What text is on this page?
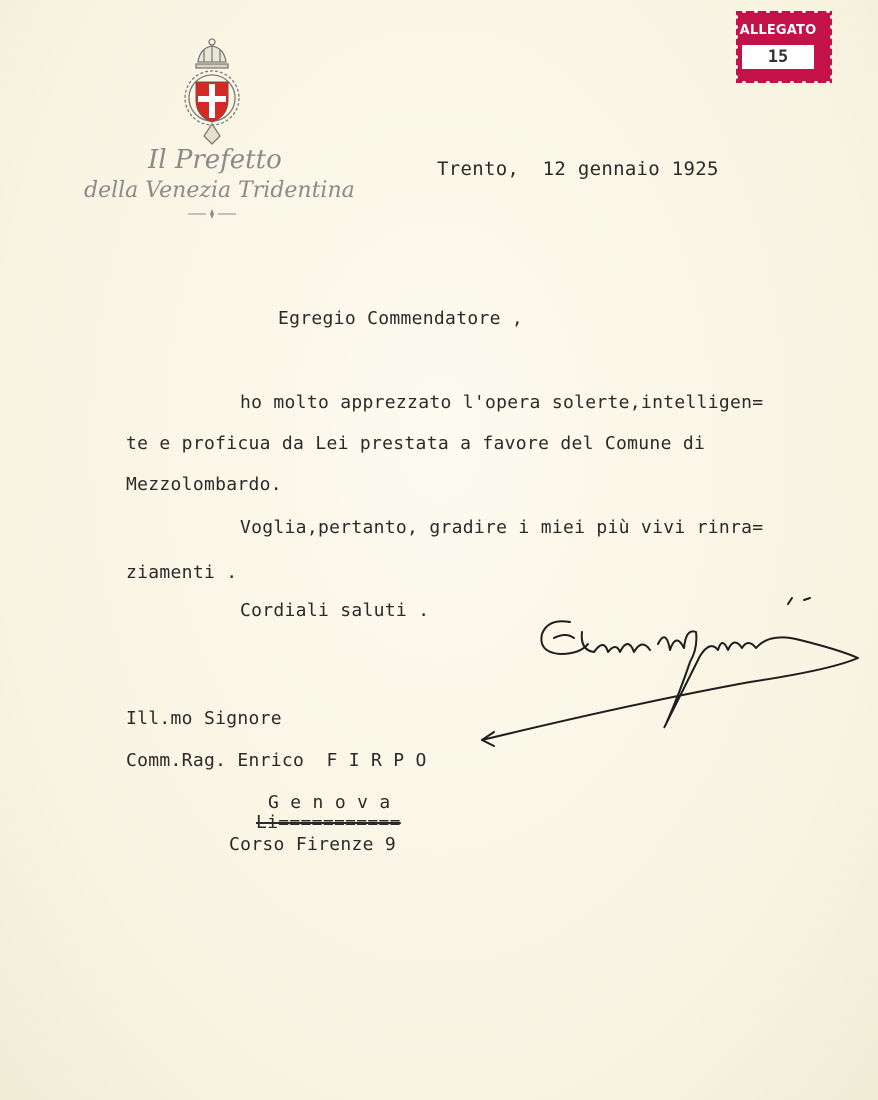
Il Prefetto
della Venezia Tridentina
ALLEGATO
15
Trento,  12 gennaio 1925
Egregio Commendatore ,
ho molto apprezzato l'opera solerte,intelligen=
te e proficua da Lei prestata a favore del Comune di
Mezzolombardo.
Voglia,pertanto, gradire i miei più vivi rinra=
ziamenti .
Cordiali saluti .
Ill.mo Signore
Comm.Rag. Enrico  F I R P O
G e n o v a
Li===========
Corso Firenze 9
